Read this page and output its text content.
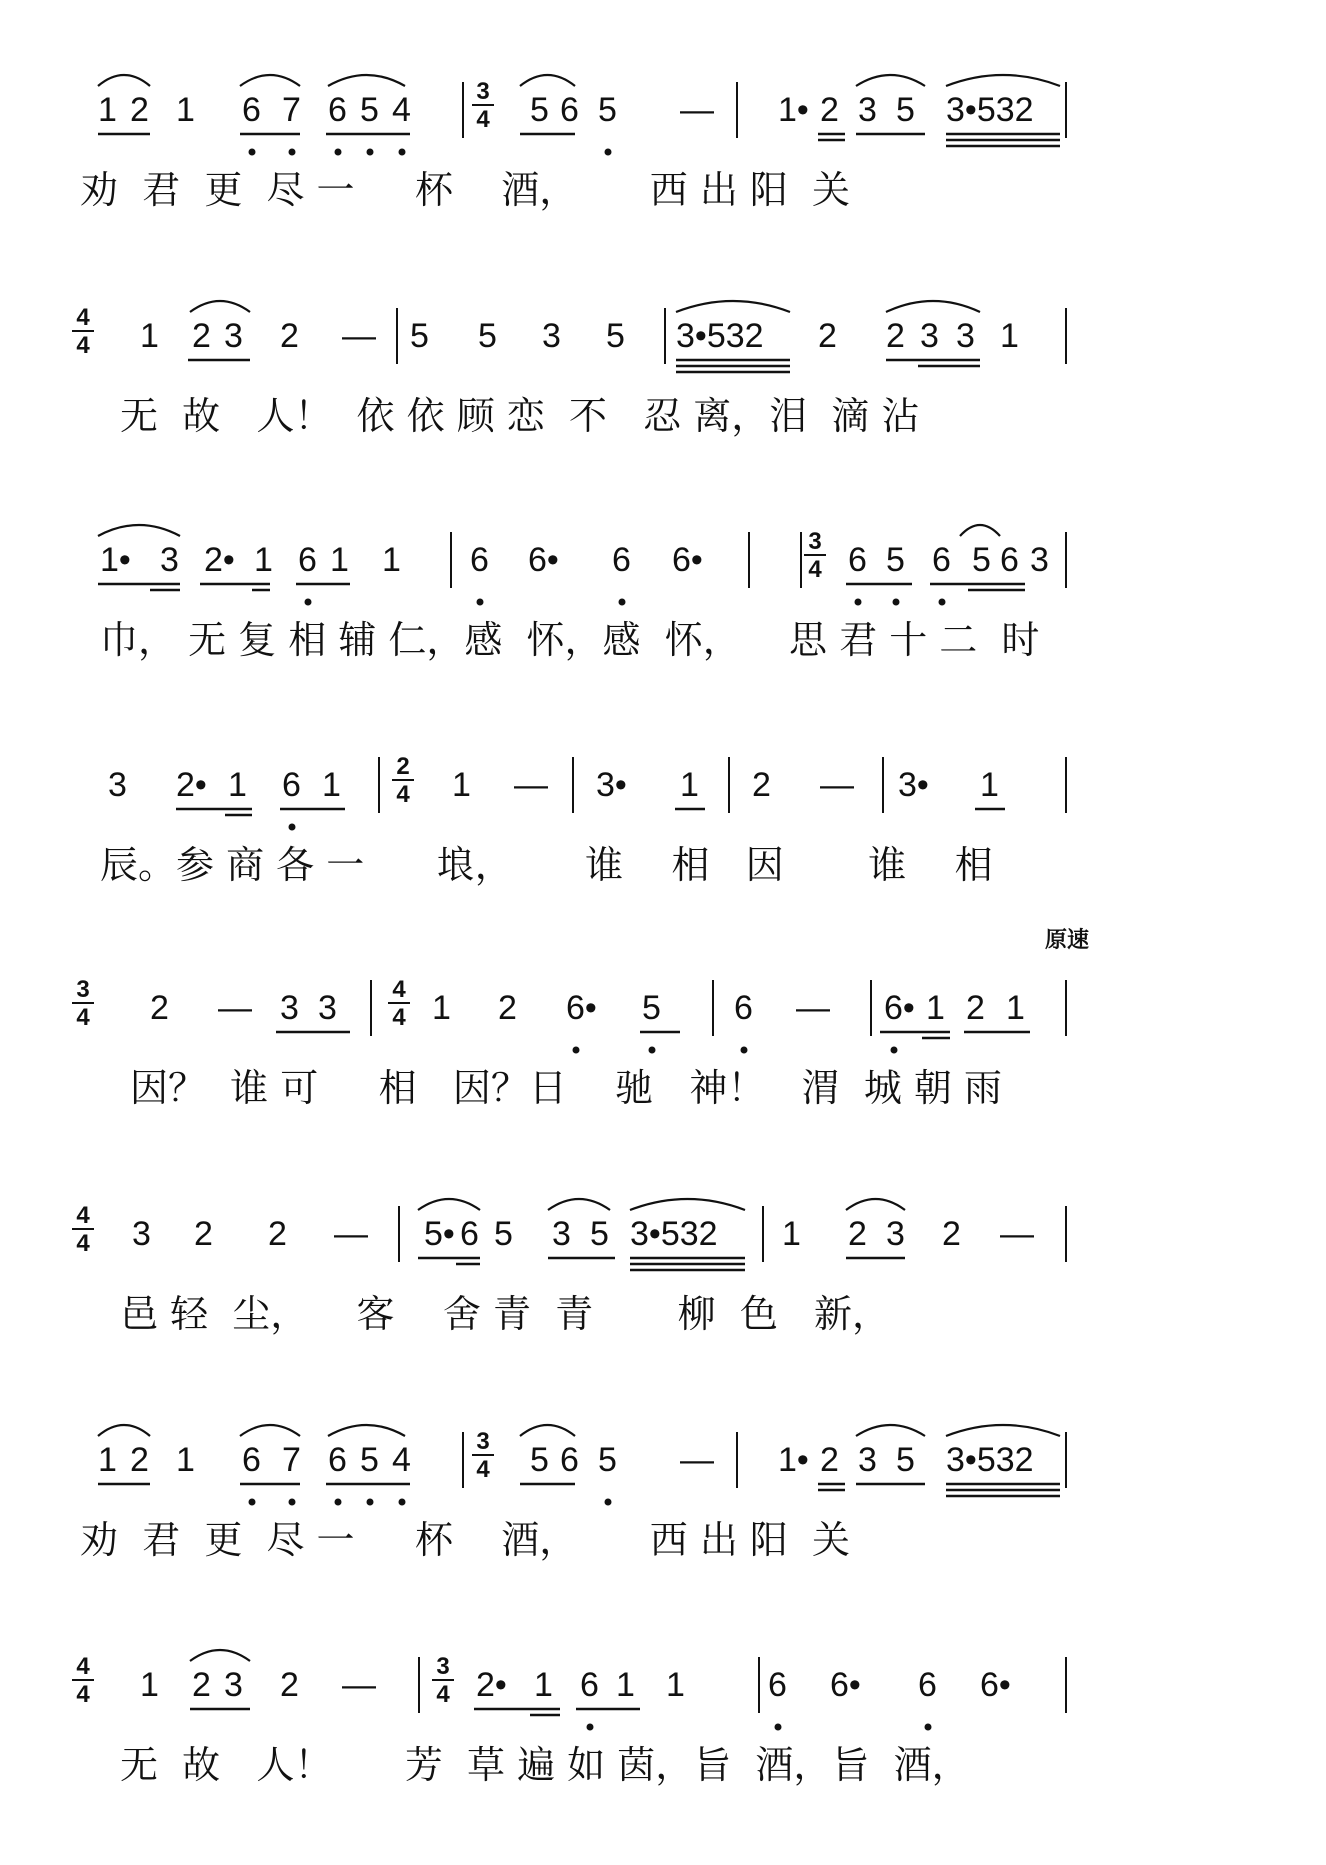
原速
1 2 1 6 7 6 5 4	5 6 5 — 1• 2 3 5 3•532
3
4
劝  君  更  尽 一     杯    酒，      西 出 阳  关
1 2 3 2 — 5 5 3 5 3•532 2 2 3 3 1
4
4
无  故   人！  依 依 顾 恋  不   忍 离，泪  滴 沾
1• 3 2• 1 6 1 1 6 6• 6 6•	6 5 6 5 6 3
3
4
巾， 无 复 相 辅 仁，感  怀，感  怀，    思 君 十 二  时
3 2• 1 6 1	1 — 3• 1 2 — 3• 1
2
4
辰。参 商 各 一      埌，      谁    相   因       谁    相
2 — 3 3	1 2 6• 5 6 — 6• 1 2 1
3
4
4
4
因？  谁 可     相   因？日    驰   神！   渭  城 朝 雨
3 2 2 — 5• 6 5 3 5 3•532 1 2 3 2 —
4
4
邑 轻  尘，    客    舍 青  青       柳  色   新，
1 2 1 6 7 6 5 4	5 6 5 — 1• 2 3 5 3•532
3
4
劝  君  更  尽 一     杯    酒，      西 出 阳  关
1 2 3 2 —	2• 1 6 1 1 6 6• 6 6•
4
4
3
4
无  故   人！      芳  草 遍 如 茵，旨  酒，旨  酒，
